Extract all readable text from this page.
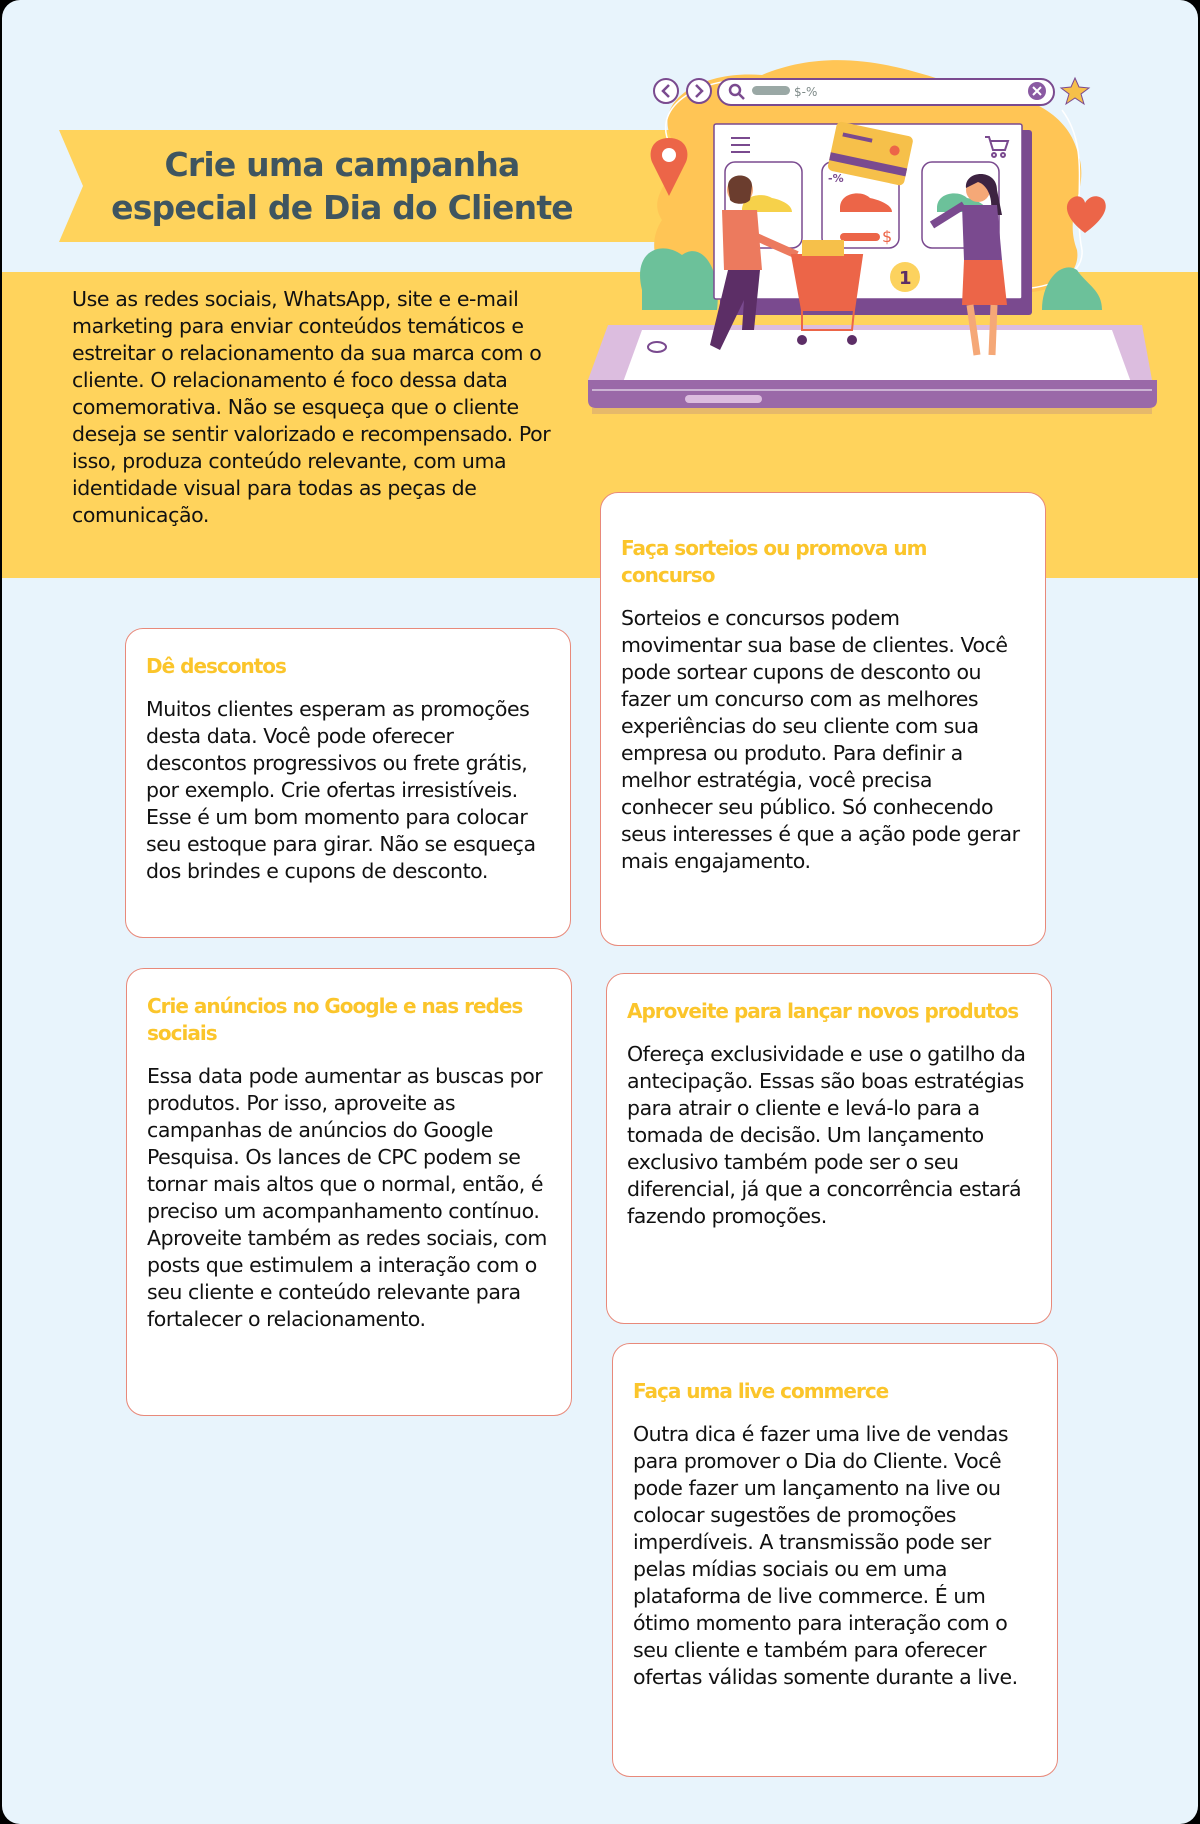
Crie uma campanha especial de Dia do Cliente
Use as redes sociais, WhatsApp, site e e-mail marketing para enviar conteúdos temáticos e estreitar o relacionamento da sua marca com o cliente. O relacionamento é foco dessa data comemorativa. Não se esqueça que o cliente deseja se sentir valorizado e recompensado. Por isso, produza conteúdo relevante, com uma identidade visual para todas as peças de comunicação.
-%
$
$-%
1
Dê descontos

Muitos clientes esperam as promoções desta data. Você pode oferecer descontos progressivos ou frete grátis, por exemplo. Crie ofertas irresistíveis. Esse é um bom momento para colocar seu estoque para girar. Não se esqueça dos brindes e cupons de desconto.

Faça sorteios ou promova um concurso

Sorteios e concursos podem movimentar sua base de clientes. Você pode sortear cupons de desconto ou fazer um concurso com as melhores experiências do seu cliente com sua empresa ou produto. Para definir a melhor estratégia, você precisa conhecer seu público. Só conhecendo seus interesses é que a ação pode gerar mais engajamento.

Crie anúncios no Google e nas redes sociais

Essa data pode aumentar as buscas por produtos. Por isso, aproveite as campanhas de anúncios do Google Pesquisa. Os lances de CPC podem se tornar mais altos que o normal, então, é preciso um acompanhamento contínuo. Aproveite também as redes sociais, com posts que estimulem a interação com o seu cliente e conteúdo relevante para fortalecer o relacionamento.

Aproveite para lançar novos produtos

Ofereça exclusividade e use o gatilho da antecipação. Essas são boas estratégias para atrair o cliente e levá-lo para a tomada de decisão. Um lançamento exclusivo também pode ser o seu diferencial, já que a concorrência estará fazendo promoções.

Faça uma live commerce

Outra dica é fazer uma live de vendas para promover o Dia do Cliente. Você pode fazer um lançamento na live ou colocar sugestões de promoções imperdíveis. A transmissão pode ser pelas mídias sociais ou em uma plataforma de live commerce. É um ótimo momento para interação com o seu cliente e também para oferecer ofertas válidas somente durante a live.
